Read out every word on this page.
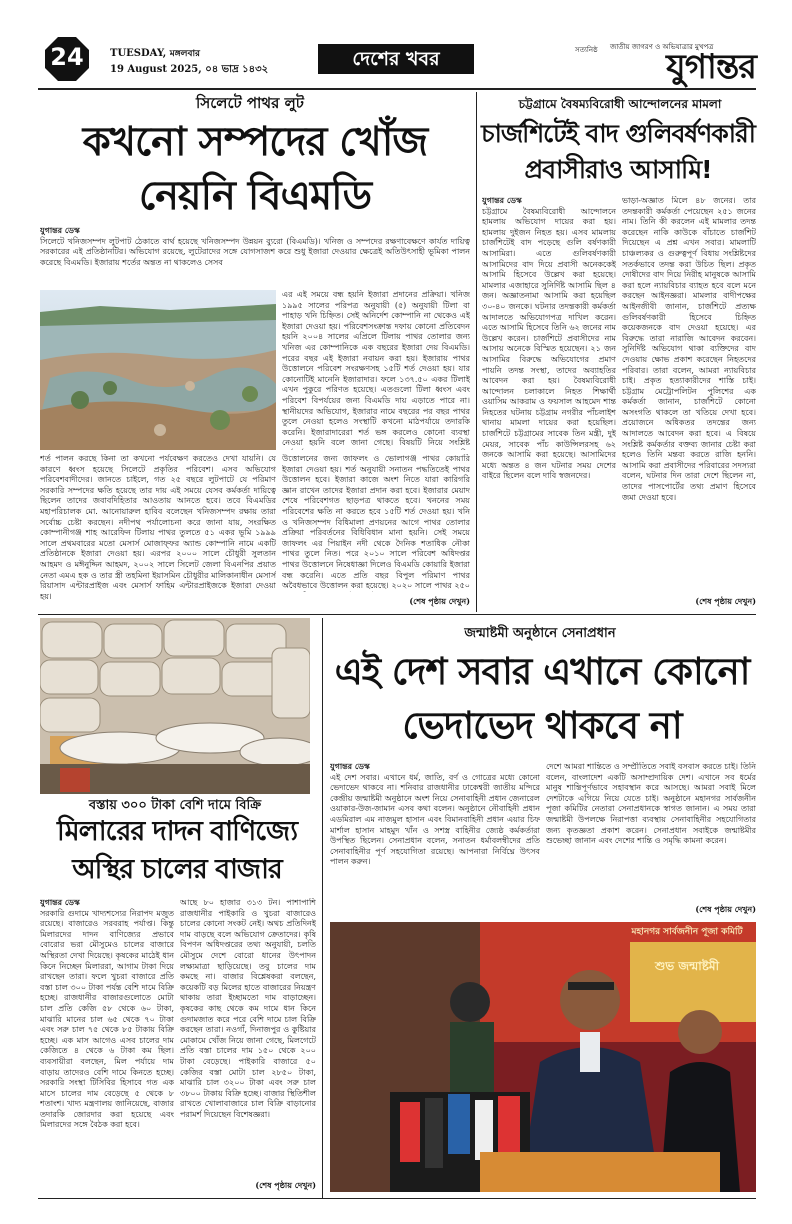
24	TUESDAY, মঙ্গলবার
19 August 2025, ০৪ ভাদ্র ১৪৩২	দেশের খবর	সত্যনিষ্ঠ জাতীয় জাগরণ ও অভিযাত্রার মুখপত্র
যুগান্তর
সিলেটে পাথর লুট
কখনো সম্পদের খোঁজ
নেয়নি বিএমডি
যুগান্তর ডেস্ক
সিলেটে খনিজসম্পদ লুটপাট ঠেকাতে বার্থ হয়েছে খনিজসম্পদ উন্নয়ন ব্যুরো (বিএমডি)। খনিজ ও সম্পদের রক্ষণাবেক্ষণে কার্যত দায়িত্ব সরকারের এই প্রতিষ্ঠানটির। অভিযোগ রয়েছে, লুটেরাদের সঙ্গে যোগসাজশ করে শুধু ইজারা দেওয়ার ক্ষেত্রেই অতিউৎসাহী ভূমিকা পালন করেছে বিএমডি। ইজারায় শর্তের অন্তত না থাকলেও সেসব
এর এই সময়ে বন্ধ হয়নি ইজারা প্রদানের প্রক্রিয়া। খনিজ ১৯৯৫ সালের পরিপত্র অনুযায়ী (৫) অনুযায়ী টিলা বা পাহাড় খনি চিহ্নিত। সেই অনির্দেশ কোম্পানি না থেকেও এই ইজারা দেওয়া হয়। পরিবেশসংক্রান্ত দফায় কোনো প্রতিবেদন হয়নি ২০০৪ সালের এপ্রিলে টিলায় পাথর তোলার জন্য খনিজ এর কোম্পানিকে এক বছরের ইজারা দেয় বিএমডি। পরের বছর এই ইজারা নবায়ন করা হয়। ইজারায় পাথর উত্তোলনে পরিবেশ সংরক্ষণসহ ১৫টি শর্ত দেওয়া হয়। যার কোনোটিই মানেনি ইজারাদার। ফলে ১৩৭.৫০ একর টিলাই এখন পুকুরে পরিণত হয়েছে। এতগুলো টিলা ধ্বংস এবং পরিবেশ বিপর্যয়ের জন্য বিএমডি দায় এড়াতে পারে না। স্থানীয়দের অভিযোগ, ইজারার নামে বছরের পর বছর পাথর তুলে নেওয়া হলেও সংস্থাটি কখনো মাঠপর্যায়ে তদারকি করেনি। ইজারাদারেরা শর্ত ভঙ্গ করলেও কোনো ব্যবস্থা নেওয়া হয়নি বলে জানা গেছে। বিষয়টি নিয়ে সংশ্লিষ্ট
শর্ত পালন করছে কিনা তা কখনো পর্যবেক্ষণ করতেও দেখা যায়নি। যে কারণে ধ্বংস হয়েছে সিলেটে প্রকৃতির পরিবেশ। এসব অভিযোগ পরিবেশবাদীদের। জানতে চাইলে, গত ২৫ বছরে লুটপাটে যে পরিমাণ সরকারি সম্পদের ক্ষতি হয়েছে তার দায় এই সময়ে যেসব কর্মকর্তা দায়িত্বে ছিলেন তাদের জবাবদিহিতার আওতায় আনতে হবে। তবে বিএমডির মহাপরিচালক মো. আনোয়ারুল হাবিব বলেছেন খনিজসম্পদ রক্ষায় তারা সর্বোচ্চ চেষ্টা করছেন। নদীপথ পর্যালোচনা করে জানা যায়, সংরক্ষিত কোম্পানীগঞ্জ শাহ আরেফিন টিলায় পাথর তুলতে ৫১ একর ভূমি ১৯৯৯ সালে প্রথমবারের মতো মেসার্স মোজাফ্ফর অ্যান্ড কোম্পানি নামে একটি প্রতিষ্ঠানকে ইজারা দেওয়া হয়। এরপর ২০০০ সালে চৌধুরী সুলতান আহমদ ও মঈনুদ্দিন আহমদ, ২০০২ সালে সিলেট জেলা বিএনপির প্রয়াত নেতা এমএ হক ও তার স্ত্রী তহমিনা ইয়াসমিন চৌধুরীর মালিকানাধীন মেসার্স রিয়াসাদ এন্টারপ্রাইজ এবং মেসার্স ফাহিম এন্টারপ্রাইজকে ইজারা দেওয়া হয়।
উত্তোলনের জন্য জাফলং ও ভোলাগঞ্জ পাথর কোয়ারি ইজারা দেওয়া হয়। শর্ত অনুযায়ী সনাতন পদ্ধতিতেই পাথর উত্তোলন হবে। ইজারা কাজে অংশ নিতে যারা কারিগরি জ্ঞান রাখেন তাদের ইজারা প্রদান করা হবে। ইজারার মেয়াদ শেষে পরিবেশগত ছাড়পত্র থাকতে হবে। খননের সময় পরিবেশের ক্ষতি না করতে হবে ১৫টি শর্ত দেওয়া হয়। খনি ও খনিজসম্পদ বিধিমালা প্রণয়নের আগে পাথর তোলার প্রক্রিয়া পরিবর্তনের বিধিবিধান মানা হয়নি। সেই সময়ে জাফলং এর পিয়াইন নদী থেকে দৈনিক শতাধিক নৌকা পাথর তুলে নিত। পরে ২০১০ সালে পরিবেশ অধিদপ্তর পাথর উত্তোলনে নিষেধাজ্ঞা দিলেও বিএমডি কোয়ারি ইজারা বন্ধ করেনি। এতে প্রতি বছর বিপুল পরিমাণ পাথর অবৈধভাবে উত্তোলন করা হয়েছে। ২০২০ সালে পাথর ২৫০
(শেষ পৃষ্ঠায় দেখুন)
চট্টগ্রামে বৈষম্যবিরোধী আন্দোলনের মামলা
চার্জশিটেই বাদ গুলিবর্ষণকারী
প্রবাসীরাও আসামি!
যুগান্তর ডেস্ক
চট্টগ্রামে বৈষম্যবিরোধী আন্দোলনে হামলায় অভিযোগ দায়ের করা হয়। হামলায় দুইজন নিহত হয়। এসব মামলায় চার্জশিটেই বাদ পড়েছে গুলি বর্ষণকারী আসামিরা। এতে গুলিবর্ষণকারী আসামিদের বাদ দিয়ে প্রবাসী অনেককেই আসামি হিসেবে উল্লেখ করা হয়েছে। মামলার এজাহারে সুনির্দিষ্ট আসামি ছিল ৪ জন। অজ্ঞাতনামা আসামি করা হয়েছিল ৩০-৪০ জনকে। ঘটনার তদন্তকারী কর্মকর্তা আদালতে অভিযোগপত্র দাখিল করেন। এতে আসামি হিসেবে তিনি ৬২ জনের নাম উল্লেখ করেন। চার্জশিটে প্রবাসীদের নাম আসায় অনেকে বিস্মিত হয়েছেন। ২১ জন আসামির বিরুদ্ধে অভিযোগের প্রমাণ পায়নি তদন্ত সংস্থা, তাদের অব্যাহতির আবেদন করা হয়। বৈষম্যবিরোধী আন্দোলন চলাকালে নিহত শিক্ষার্থী ওয়াসিম আকরাম ও ফয়সাল আহমেদ শান্ত নিহতের ঘটনায় চট্টগ্রাম নগরীর পাঁচলাইশ থানায় মামলা দায়ের করা হয়েছিল। চার্জশিটে চট্টগ্রামের সাবেক তিন মন্ত্রী, দুই মেয়র, সাবেক পাঁচ কাউন্সিলরসহ ৬২ জনকে আসামি করা হয়েছে। আসামিদের মধ্যে অন্তত ৪ জন ঘটনার সময় দেশের বাইরে ছিলেন বলে দাবি স্বজনদের।
ভাড়া-অজ্ঞাত মিলে ৪৮ জনের। তার তদন্তকারী কর্মকর্তা পেয়েছেন ২৫১ জনের নাম। তিনি কী করলেন এই মামলার তদন্ত করেছেন নাকি কাউকে বাঁচাতে চার্জশিট দিয়েছেন এ প্রশ্ন এখন সবার। মামলাটি চাঞ্চল্যকর ও গুরুত্বপূর্ণ বিধায় সংশ্লিষ্টদের সতর্কভাবে তদন্ত করা উচিত ছিল। প্রকৃত দোষীদের বাদ দিয়ে নিরীহ মানুষকে আসামি করা হলে ন্যায়বিচার ব্যাহত হবে বলে মনে করছেন আইনজ্ঞরা। মামলার বাদীপক্ষের আইনজীবী জানান, চার্জশিটে প্রত্যক্ষ গুলিবর্ষণকারী হিসেবে চিহ্নিত কয়েকজনকে বাদ দেওয়া হয়েছে। এর বিরুদ্ধে তারা নারাজি আবেদন করবেন। সুনির্দিষ্ট অভিযোগ থাকা ব্যক্তিদের বাদ দেওয়ায় ক্ষোভ প্রকাশ করেছেন নিহতদের পরিবার। তারা বলেন, আমরা ন্যায়বিচার চাই। প্রকৃত হত্যাকারীদের শাস্তি চাই। চট্টগ্রাম মেট্রোপলিটন পুলিশের এক কর্মকর্তা জানান, চার্জশিটে কোনো অসংগতি থাকলে তা খতিয়ে দেখা হবে। প্রয়োজনে অধিকতর তদন্তের জন্য আদালতে আবেদন করা হবে। এ বিষয়ে সংশ্লিষ্ট কর্মকর্তার বক্তব্য জানার চেষ্টা করা হলেও তিনি মন্তব্য করতে রাজি হননি। আসামি করা প্রবাসীদের পরিবারের সদস্যরা বলেন, ঘটনার দিন তারা দেশে ছিলেন না, তাদের পাসপোর্টের তথ্য প্রমাণ হিসেবে জমা দেওয়া হবে।
(শেষ পৃষ্ঠায় দেখুন)
বস্তায় ৩০০ টাকা বেশি দামে বিক্রি
মিলারের দাদন বাণিজ্যে
অস্থির চালের বাজার
যুগান্তর ডেস্ক
সরকারি গুদামে খাদ্যশস্যের নিরাপদ মজুত রয়েছে। বাজারেও সরবরাহ পর্যাপ্ত। কিন্তু মিলারদের দাদন বাণিজ্যের প্রভাবে বোরোর ভরা মৌসুমেও চালের বাজারে অস্থিরতা দেখা দিয়েছে। কৃষকের মাঠেই ধান কিনে নিচ্ছেন মিলাররা, আগাম টাকা দিয়ে রাখছেন তারা। ফলে খুচরা বাজারে প্রতি বস্তা চাল ৩০০ টাকা পর্যন্ত বেশি দামে বিক্রি হচ্ছে। রাজধানীর বাজারগুলোতে মোটা চাল প্রতি কেজি ৫৮ থেকে ৬০ টাকা, মাঝারি মানের চাল ৬৫ থেকে ৭০ টাকা এবং সরু চাল ৭৫ থেকে ৮৫ টাকায় বিক্রি হচ্ছে। এক মাস আগেও এসব চালের দাম কেজিতে ৪ থেকে ৬ টাকা কম ছিল। ব্যবসায়ীরা বলছেন, মিল পর্যায়ে দাম বাড়ায় তাদেরও বেশি দামে কিনতে হচ্ছে। সরকারি সংস্থা টিসিবির হিসাবে গত এক মাসে চালের দাম বেড়েছে ৫ থেকে ৮ শতাংশ। খাদ্য মন্ত্রণালয় জানিয়েছে, বাজার তদারকি জোরদার করা হয়েছে এবং মিলারদের সঙ্গে বৈঠক করা হবে।
আছে ৮০ হাজার ৩১৩ টন। পাশাপাশি রাজধানীর পাইকারি ও খুচরা বাজারেও চালের কোনো সংকট নেই। অথচ প্রতিদিনই দাম বাড়ছে বলে অভিযোগ ক্রেতাদের। কৃষি বিপণন অধিদপ্তরের তথ্য অনুযায়ী, চলতি মৌসুমে দেশে বোরো ধানের উৎপাদন লক্ষ্যমাত্রা ছাড়িয়েছে। তবু চালের দাম কমছে না। বাজার বিশ্লেষকরা বলছেন, কয়েকটি বড় মিলের হাতে বাজারের নিয়ন্ত্রণ থাকায় তারা ইচ্ছামতো দাম বাড়াচ্ছেন। কৃষকের কাছ থেকে কম দামে ধান কিনে গুদামজাত করে পরে বেশি দামে চাল বিক্রি করছেন তারা। নওগাঁ, দিনাজপুর ও কুষ্টিয়ার মোকামে খোঁজ নিয়ে জানা গেছে, মিলগেটে প্রতি বস্তা চালের দাম ১৫০ থেকে ২০০ টাকা বেড়েছে। পাইকারি বাজারে ৫০ কেজির বস্তা মোটা চাল ২৮৫০ টাকা, মাঝারি চাল ৩২০০ টাকা এবং সরু চাল ৩৮০০ টাকায় বিক্রি হচ্ছে। বাজার স্থিতিশীল রাখতে খোলাবাজারে চাল বিক্রি বাড়ানোর পরামর্শ দিয়েছেন বিশেষজ্ঞরা।
(শেষ পৃষ্ঠায় দেখুন)
জন্মাষ্টমী অনুষ্ঠানে সেনাপ্রধান
এই দেশ সবার এখানে কোনো
ভেদাভেদ থাকবে না
যুগান্তর ডেস্ক
এই দেশ সবার। এখানে ধর্ম, জাতি, বর্ণ ও গোত্রের মধ্যে কোনো ভেদাভেদ থাকবে না। শনিবার রাজধানীর ঢাকেশ্বরী জাতীয় মন্দিরে কেন্দ্রীয় জন্মাষ্টমী অনুষ্ঠানে অংশ নিয়ে সেনাবাহিনী প্রধান জেনারেল ওয়াকার-উজ-জামান এসব কথা বলেন। অনুষ্ঠানে নৌবাহিনী প্রধান এডমিরাল এম নাজমুল হাসান এবং বিমানবাহিনী প্রধান এয়ার চিফ মার্শাল হাসান মাহমুদ খাঁন ও সশস্ত্র বাহিনীর জ্যেষ্ঠ কর্মকর্তারা উপস্থিত ছিলেন। সেনাপ্রধান বলেন, সনাতন ধর্মাবলম্বীদের প্রতি সেনাবাহিনীর পূর্ণ সহযোগিতা রয়েছে। আপনারা নির্বিঘ্নে উৎসব পালন করুন।
দেশে আমরা শান্তিতে ও সম্প্রীতিতে সবাই বসবাস করতে চাই। তিনি বলেন, বাংলাদেশ একটি অসাম্প্রদায়িক দেশ। এখানে সব ধর্মের মানুষ শান্তিপূর্ণভাবে সহাবস্থান করে আসছে। আমরা সবাই মিলে দেশটাকে এগিয়ে নিয়ে যেতে চাই। অনুষ্ঠানে মহানগর সার্বজনীন পূজা কমিটির নেতারা সেনাপ্রধানকে স্বাগত জানান। এ সময় তারা জন্মাষ্টমী উপলক্ষে নিরাপত্তা ব্যবস্থায় সেনাবাহিনীর সহযোগিতার জন্য কৃতজ্ঞতা প্রকাশ করেন। সেনাপ্রধান সবাইকে জন্মাষ্টমীর শুভেচ্ছা জানান এবং দেশের শান্তি ও সমৃদ্ধি কামনা করেন।
(শেষ পৃষ্ঠায় দেখুন)
মহানগর সার্বজনীন পূজা কমিটি
শুভ জন্মাষ্টমী
